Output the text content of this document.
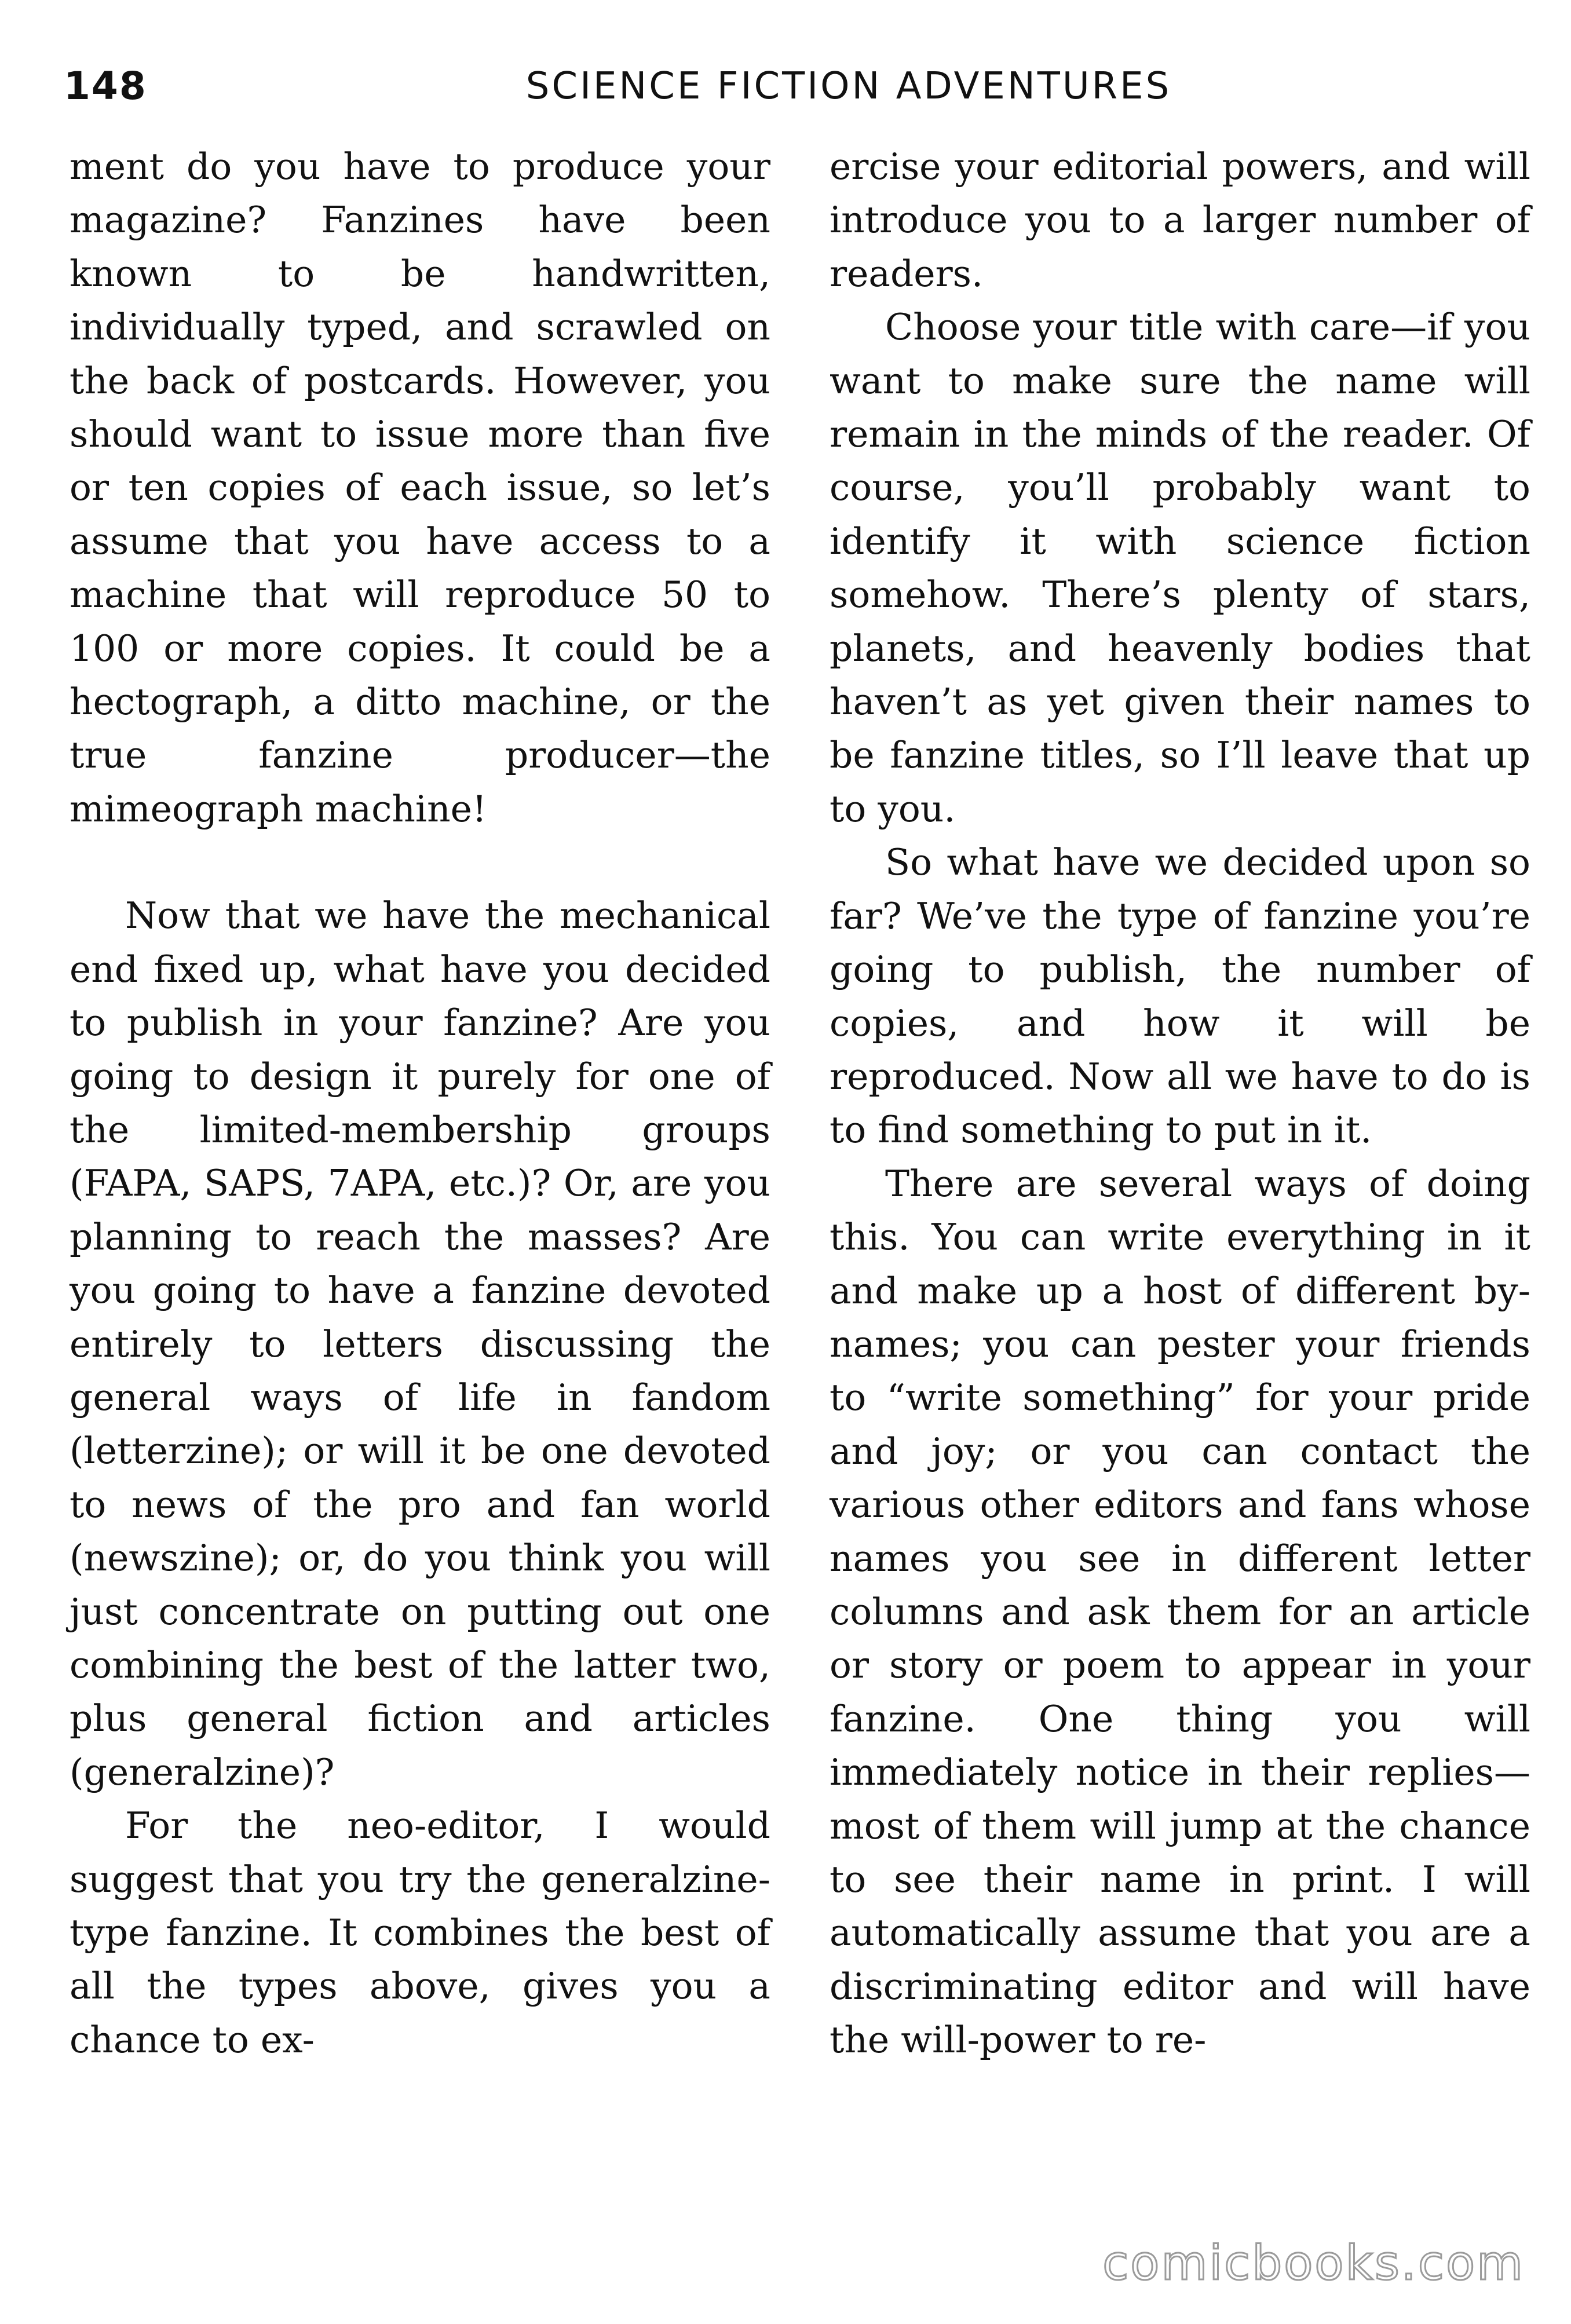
148	SCIENCE FICTION ADVENTURES

ment do you have to produce your magazine? Fanzines have been known to be handwritten, individually typed, and scrawled on the back of postcards. However, you should want to issue more than five or ten copies of each issue, so let’s assume that you have access to a machine that will reproduce 50 to 100 or more copies. It could be a hectograph, a ditto machine, or the true fanzine producer—the mimeograph machine!

Now that we have the mechanical end fixed up, what have you decided to publish in your fanzine? Are you going to design it purely for one of the limited-membership groups (FAPA, SAPS, 7APA, etc.)? Or, are you planning to reach the masses? Are you going to have a fanzine devoted entirely to letters discussing the general ways of life in fandom (letterzine); or will it be one devoted to news of the pro and fan world (newszine); or, do you think you will just concentrate on putting out one combining the best of the latter two, plus general fiction and articles (generalzine)?

For the neo-editor, I would suggest that you try the generalzine-type fanzine. It combines the best of all the types above, gives you a chance to ex-

ercise your editorial powers, and will introduce you to a larger number of readers.

Choose your title with care—if you want to make sure the name will remain in the minds of the reader. Of course, you’ll probably want to identify it with science fiction somehow. There’s plenty of stars, planets, and heavenly bodies that haven’t as yet given their names to be fanzine titles, so I’ll leave that up to you.

So what have we decided upon so far? We’ve the type of fanzine you’re going to publish, the number of copies, and how it will be reproduced. Now all we have to do is to find something to put in it.

There are several ways of doing this. You can write everything in it and make up a host of different by-names; you can pester your friends to “write something” for your pride and joy; or you can contact the various other editors and fans whose names you see in different letter columns and ask them for an article or story or poem to appear in your fanzine. One thing you will immediately notice in their replies—most of them will jump at the chance to see their name in print. I will automatically assume that you are a discriminating editor and will have the will-power to re-

comicbooks.com
